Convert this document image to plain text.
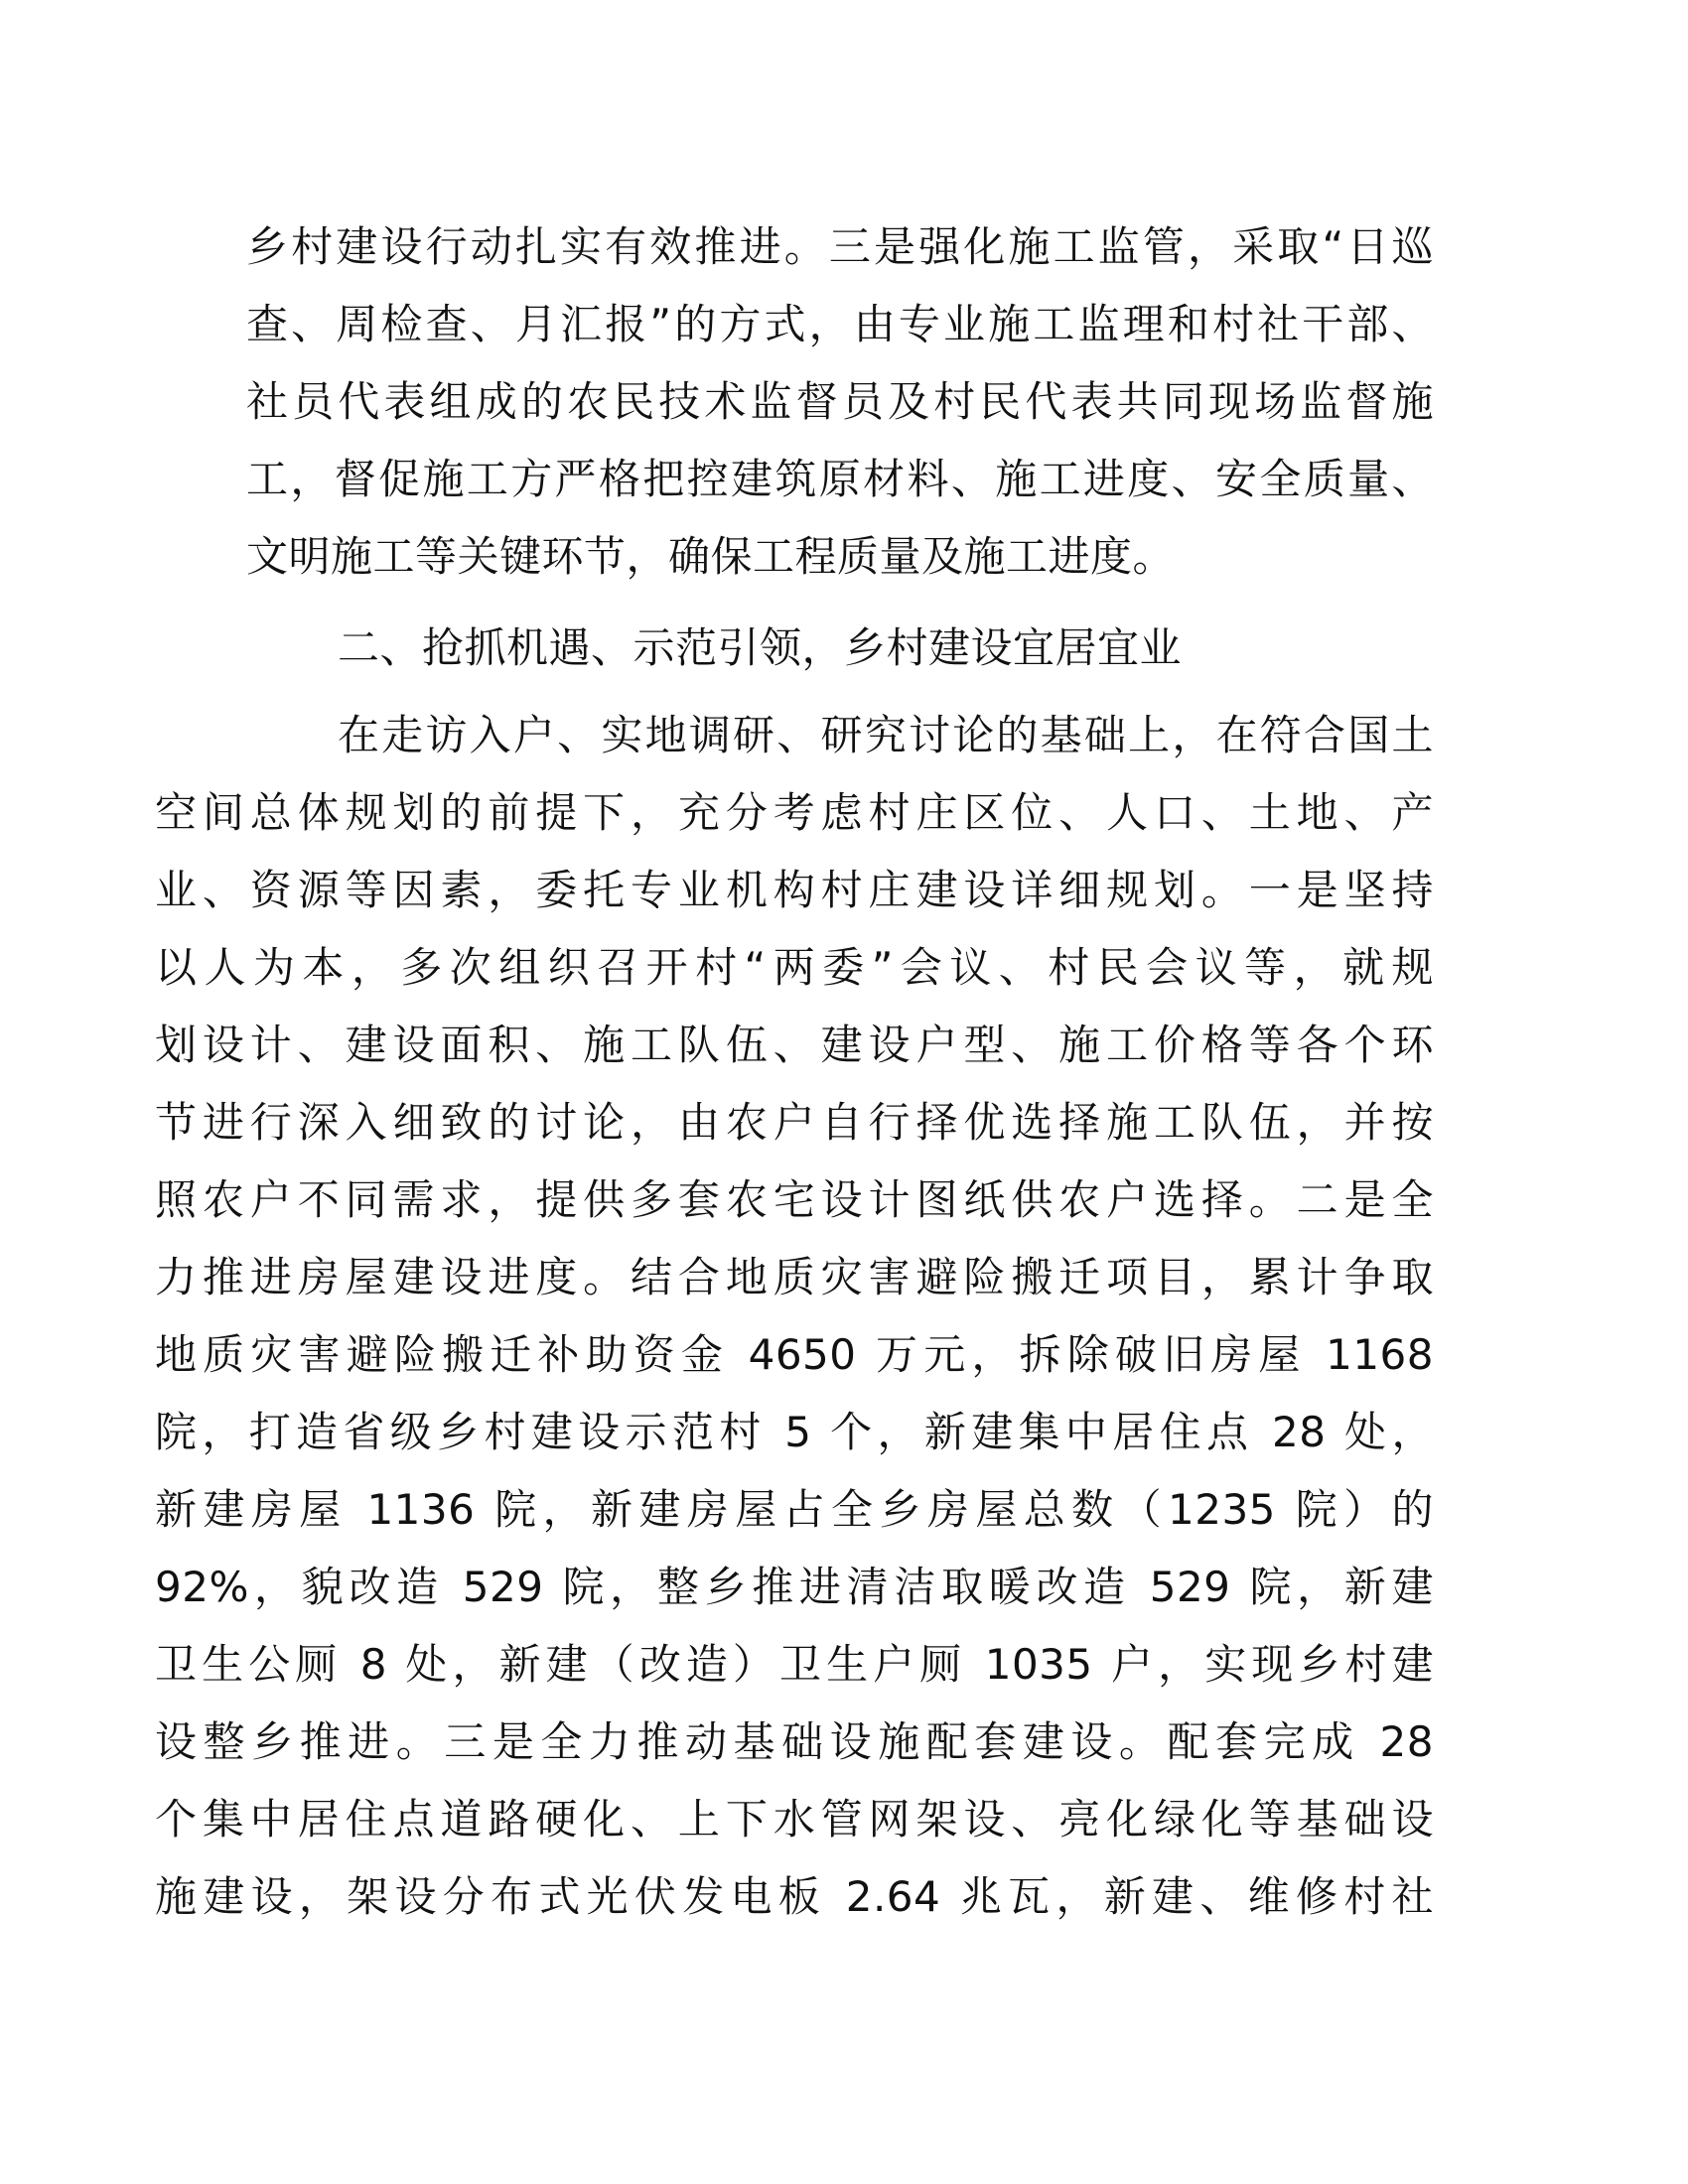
乡村建设行动扎实有效推进。三是强化施工监管，采取“日巡
查、周检查、月汇报”的方式，由专业施工监理和村社干部、
社员代表组成的农民技术监督员及村民代表共同现场监督施
工，督促施工方严格把控建筑原材料、施工进度、安全质量、
文明施工等关键环节，确保工程质量及施工进度。
二、抢抓机遇、示范引领，乡村建设宜居宜业
在走访入户、实地调研、研究讨论的基础上，在符合国土
空间总体规划的前提下，充分考虑村庄区位、人口、土地、产
业、资源等因素，委托专业机构村庄建设详细规划。一是坚持
以人为本，多次组织召开村“两委”会议、村民会议等，就规
划设计、建设面积、施工队伍、建设户型、施工价格等各个环
节进行深入细致的讨论，由农户自行择优选择施工队伍，并按
照农户不同需求，提供多套农宅设计图纸供农户选择。二是全
力推进房屋建设进度。结合地质灾害避险搬迁项目，累计争取
地质灾害避险搬迁补助资金 4650 万元，拆除破旧房屋 1168
院，打造省级乡村建设示范村 5 个，新建集中居住点 28 处，
新建房屋 1136 院，新建房屋占全乡房屋总数（1235 院）的
92%，貌改造 529 院，整乡推进清洁取暖改造 529 院，新建
卫生公厕 8 处，新建（改造）卫生户厕 1035 户，实现乡村建
设整乡推进。三是全力推动基础设施配套建设。配套完成 28
个集中居住点道路硬化、上下水管网架设、亮化绿化等基础设
施建设，架设分布式光伏发电板 2.64 兆瓦，新建、维修村社
